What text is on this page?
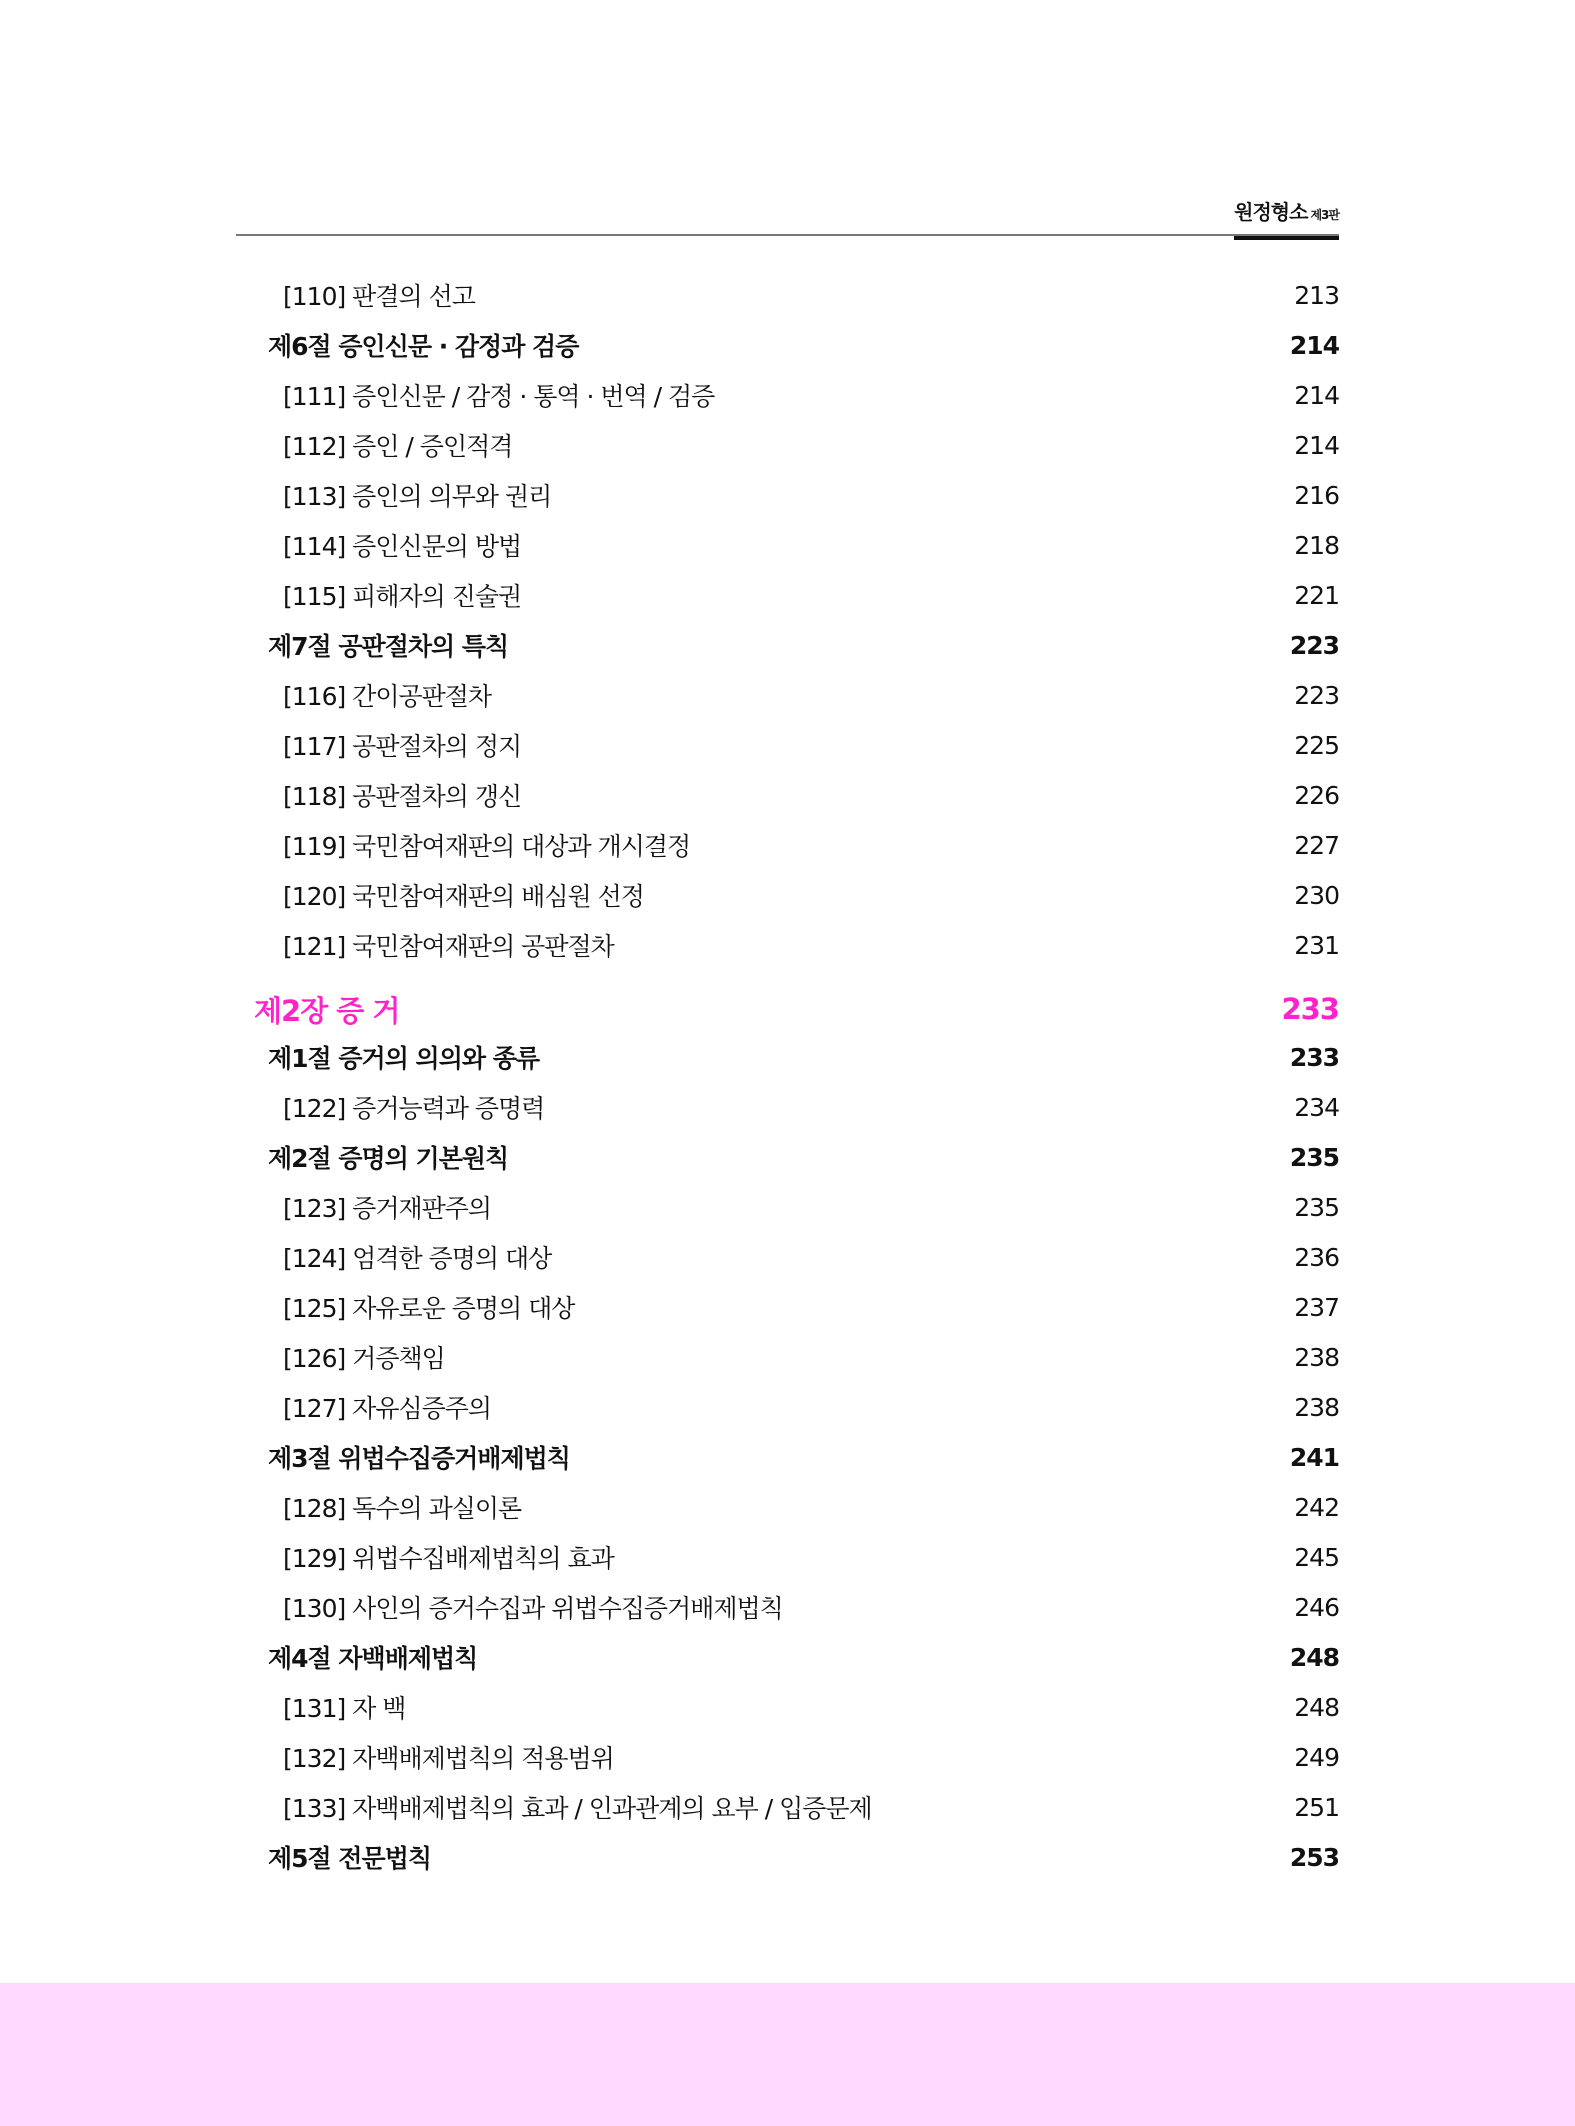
원정형소 제3판
[110] 판결의 선고	213
제6절 증인신문 · 감정과 검증	214
[111] 증인신문 / 감정 · 통역 · 번역 / 검증	214
[112] 증인 / 증인적격	214
[113] 증인의 의무와 권리	216
[114] 증인신문의 방법	218
[115] 피해자의 진술권	221
제7절 공판절차의 특칙	223
[116] 간이공판절차	223
[117] 공판절차의 정지	225
[118] 공판절차의 갱신	226
[119] 국민참여재판의 대상과 개시결정	227
[120] 국민참여재판의 배심원 선정	230
[121] 국민참여재판의 공판절차	231
제2장 증 거	233
제1절 증거의 의의와 종류	233
[122] 증거능력과 증명력	234
제2절 증명의 기본원칙	235
[123] 증거재판주의	235
[124] 엄격한 증명의 대상	236
[125] 자유로운 증명의 대상	237
[126] 거증책임	238
[127] 자유심증주의	238
제3절 위법수집증거배제법칙	241
[128] 독수의 과실이론	242
[129] 위법수집배제법칙의 효과	245
[130] 사인의 증거수집과 위법수집증거배제법칙	246
제4절 자백배제법칙	248
[131] 자 백	248
[132] 자백배제법칙의 적용범위	249
[133] 자백배제법칙의 효과 / 인과관계의 요부 / 입증문제	251
제5절 전문법칙	253
